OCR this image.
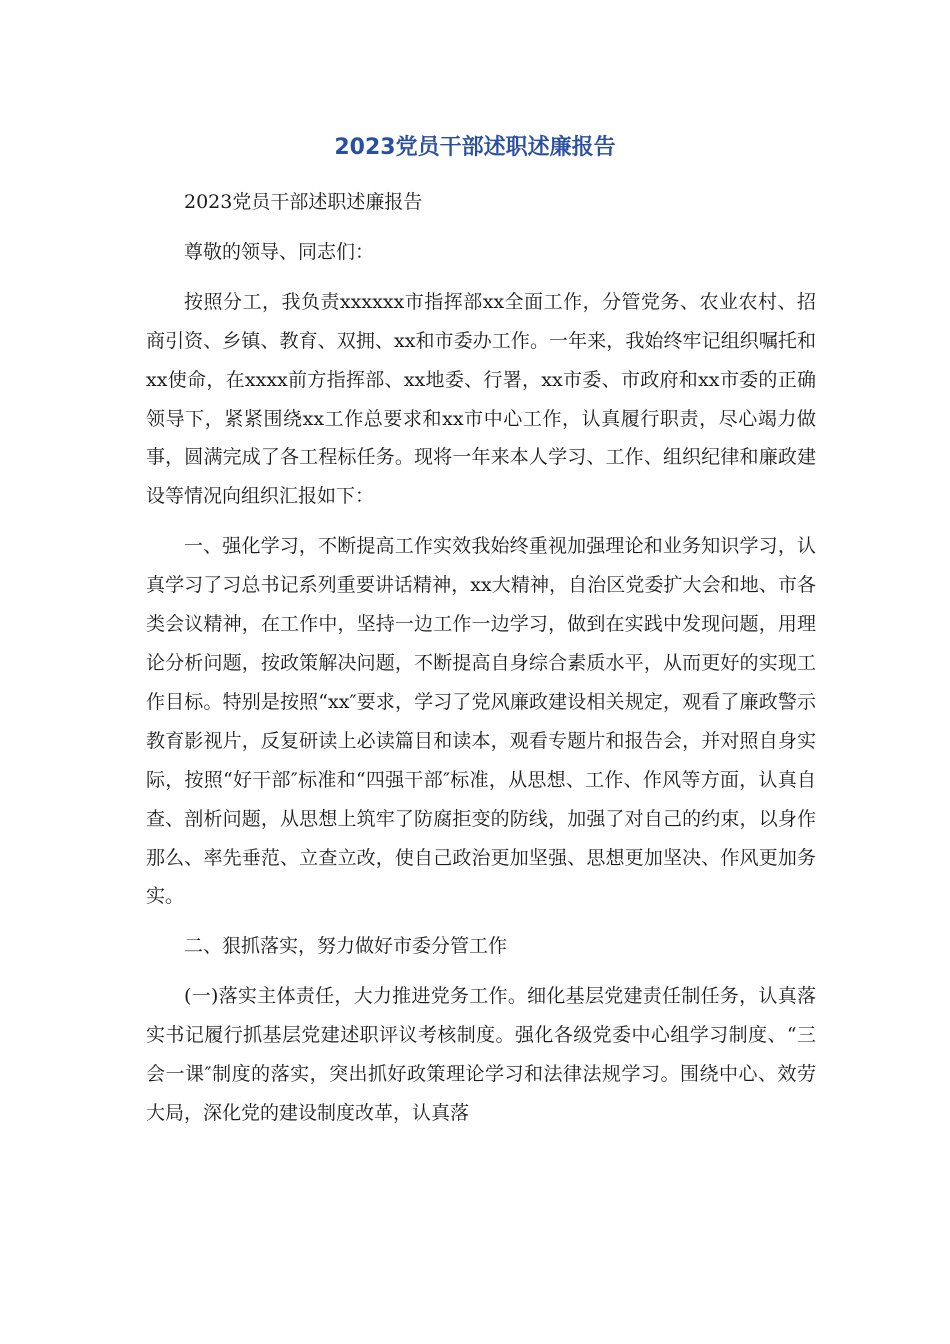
2023党员干部述职述廉报告

2023党员干部述职述廉报告

尊敬的领导、同志们：

按照分工，我负责xxxxxx市指挥部xx全面工作，分管党务、农业农村、招商引资、乡镇、教育、双拥、xx和市委办工作。一年来，我始终牢记组织嘱托和xx使命，在xxxx前方指挥部、xx地委、行署，xx市委、市政府和xx市委的正确领导下，紧紧围绕xx工作总要求和xx市中心工作，认真履行职责，尽心竭力做事，圆满完成了各工程标任务。现将一年来本人学习、工作、组织纪律和廉政建设等情况向组织汇报如下：

一、强化学习，不断提高工作实效我始终重视加强理论和业务知识学习，认真学习了习总书记系列重要讲话精神，xx大精神，自治区党委扩大会和地、市各类会议精神，在工作中，坚持一边工作一边学习，做到在实践中发现问题，用理论分析问题，按政策解决问题，不断提高自身综合素质水平，从而更好的实现工作目标。特别是按照“xx″要求，学习了党风廉政建设相关规定，观看了廉政警示教育影视片，反复研读上必读篇目和读本，观看专题片和报告会，并对照自身实际，按照“好干部″标准和“四强干部″标准，从思想、工作、作风等方面，认真自查、剖析问题，从思想上筑牢了防腐拒变的防线，加强了对自己的约束，以身作那么、率先垂范、立查立改，使自己政治更加坚强、思想更加坚决、作风更加务实。

二、狠抓落实，努力做好市委分管工作

(一)落实主体责任，大力推进党务工作。细化基层党建责任制任务，认真落实书记履行抓基层党建述职评议考核制度。强化各级党委中心组学习制度、“三会一课″制度的落实，突出抓好政策理论学习和法律法规学习。围绕中心、效劳大局，深化党的建设制度改革，认真落
